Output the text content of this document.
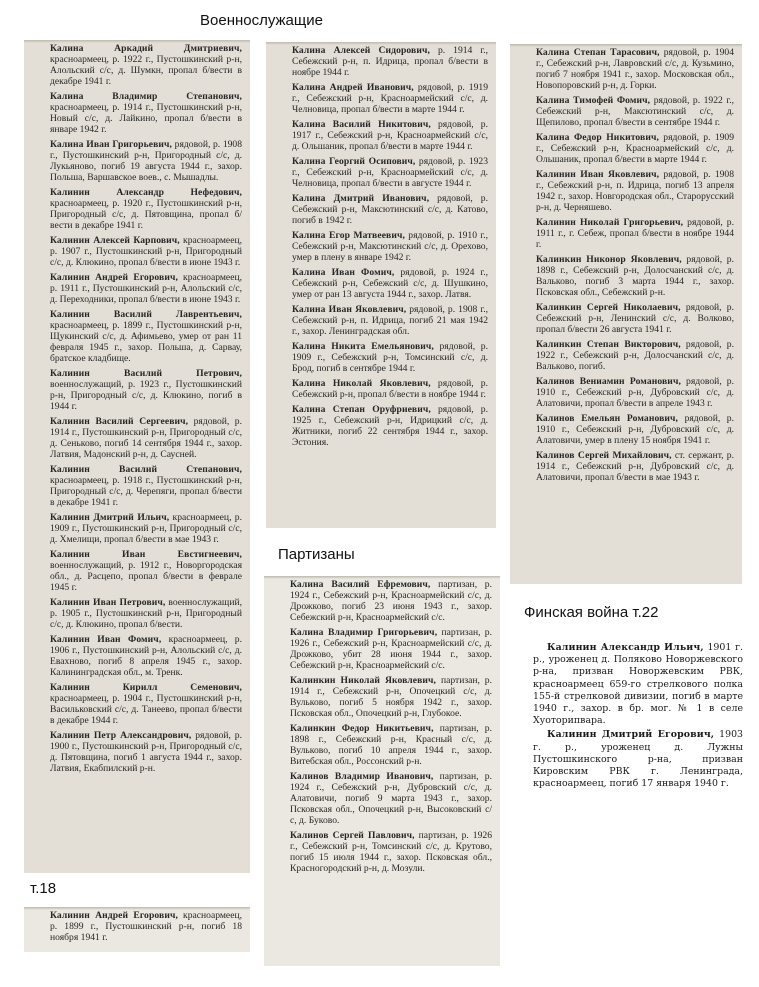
Военнослужащие
Партизаны
Финская война т.22
т.18

Калина Аркадий Дмитриевич, красноармеец, р. 1922 г., Пустошкинский р-н, Алольский с/с, д. Шумкн, пропал б/вести в декабре 1941 г.

Калина Владимир Степанович, красноармеец, р. 1914 г., Пустошкинский р-н, Новый с/с, д. Лайкино, пропал б/вести в январе 1942 г.

Калина Иван Григорьевич, рядовой, р. 1908 г., Пустошкинский р-н, Пригородный с/с, д. Лукьяново, погиб 19 августа 1944 г., захор. Польша, Варшавское воев., с. Мышадлы.

Калинин Александр Нефедович, красноармеец, р. 1920 г., Пустошкинский р-н, Пригородный с/с, д. Пятовщина, пропал б/вести в декабре 1941 г.

Калинин Алексей Карпович, красноармеец, р. 1907 г., Пустошкинский р-н, Пригородный с/с, д. Клюкино, пропал б/вести в июне 1943 г.

Калинин Андрей Егорович, красноармеец, р. 1911 г., Пустошкинский р-н, Алольский с/с, д. Переходники, пропал б/вести в июне 1943 г.

Калинин Василий Лаврентьевич, красноармеец, р. 1899 г., Пустошкинский р-н, Щукинский с/с, д. Афимьево, умер от ран 11 февраля 1945 г., захор. Польша, д. Сарвау, братское кладбище.

Калинин Василий Петрович, военнослужащий, р. 1923 г., Пустошкинский р-н, Пригородный с/с, д. Клюкино, погиб в 1944 г.

Калинин Василий Сергеевич, рядовой, р. 1914 г., Пустошкинский р-н, Пригородный с/с, д. Сеньково, погиб 14 сентября 1944 г., захор. Латвия, Мадонский р-н, д. Саусней.

Калинин Василий Степанович, красноармеец, р. 1918 г., Пустошкинский р-н, Пригородный с/с, д. Черепяги, пропал б/вести в декабре 1941 г.

Калинин Дмитрий Ильич, красноармеец, р. 1909 г., Пустошкинский р-н, Пригородный с/с, д. Хмелищи, пропал б/вести в мае 1943 г.

Калинин Иван Евстигнеевич, военнослужащий, р. 1912 г., Новоргородская обл., д. Расцепо, пропал б/вести в феврале 1945 г.

Калинин Иван Петрович, военнослужащий, р. 1905 г., Пустошкинский р-н, Пригородный с/с, д. Клюкино, пропал б/вести.

Калинин Иван Фомич, красноармеец, р. 1906 г., Пустошкинский р-н, Алольский с/с, д. Евахново, погиб 8 апреля 1945 г., захор. Калининградская обл., м. Тренк.

Калинин Кирилл Семенович, красноармеец, р. 1904 г., Пустошкинский р-н, Васильковский с/с, д. Танеево, пропал б/вести в декабре 1944 г.

Калинин Петр Александрович, рядовой, р. 1900 г., Пустошкинский р-н, Пригородный с/с, д. Пятовщина, погиб 1 августа 1944 г., захор. Латвия, Екабпилский р-н.

Калинин Андрей Егорович, красноармеец, р. 1899 г., Пустошкинский р-н, погиб 18 ноября 1941 г.

Калина Алексей Сидорович, р. 1914 г., Себежский р-н, п. Идрица, пропал б/вести в ноябре 1944 г.

Калина Андрей Иванович, рядовой, р. 1919 г., Себежский р-н, Красноармейский с/с, д. Челновица, пропал б/вести в марте 1944 г.

Калина Василий Никитович, рядовой, р. 1917 г., Себежский р-н, Красноармейский с/с, д. Ольшаник, пропал б/вести в марте 1944 г.

Калина Георгий Осипович, рядовой, р. 1923 г., Себежский р-н, Красноармейский с/с, д. Челновица, пропал б/вести в августе 1944 г.

Калина Дмитрий Иванович, рядовой, р. Себежский р-н, Максютинский с/с, д. Катово, погиб в 1942 г.

Калина Егор Матвеевич, рядовой, р. 1910 г., Себежский р-н, Максютинский с/с, д. Орехово, умер в плену в январе 1942 г.

Калина Иван Фомич, рядовой, р. 1924 г., Себежский р-н, Себежский с/с, д. Шушкино, умер от ран 13 августа 1944 г., захор. Латвя.

Калина Иван Яковлевич, рядовой, р. 1908 г., Себежский р-н, п. Идрица, погиб 21 мая 1942 г., захор. Ленинградская обл.

Калина Никита Емельянович, рядовой, р. 1909 г., Себежский р-н, Томсинский с/с, д. Брод, погиб в сентябре 1944 г.

Калина Николай Яковлевич, рядовой, р. Себежский р-н, пропал б/вести в ноябре 1944 г.

Калина Степан Оруфриевич, рядовой, р. 1925 г., Себежский р-н, Идрицкий с/с, д. Житники, погиб 22 сентября 1944 г., захор. Эстония.

Калина Василий Ефремович, партизан, р. 1924 г., Себежский р-н, Красноармейский с/с, д. Дрожково, погиб 23 июня 1943 г., захор. Себежский р-н, Красноармейский с/с.

Калина Владимир Григорьевич, партизан, р. 1926 г., Себежский р-н, Красноармейский с/с, д. Дрожково, убит 28 июня 1944 г., захор. Себежский р-н, Красноармейский с/с.

Калинкин Николай Яковлевич, партизан, р. 1914 г., Себежский р-н, Опочецкий с/с, д. Вульково, погиб 5 ноября 1942 г., захор. Псковская обл., Опочецкий р-н, Глубокое.

Калинкин Федор Никитьевич, партизан, р. 1898 г., Себежский р-н, Красный с/с, д. Вульково, погиб 10 апреля 1944 г., захор. Витебская обл., Россонский р-н.

Калинов Владимир Иванович, партизан, р. 1924 г., Себежский р-н, Дубровский с/с, д. Алатовичи, погиб 9 марта 1943 г., захор. Псковская обл., Опочецкий р-н, Высоковский с/с, д. Буково.

Калинов Сергей Павлович, партизан, р. 1926 г., Себежский р-н, Томсинский с/с, д. Крутово, погиб 15 июля 1944 г., захор. Псковская обл., Красногородский р-н, д. Мозули.

Калина Степан Тарасович, рядовой, р. 1904 г., Себежский р-н, Лавровский с/с, д. Кузьмино, погиб 7 ноября 1941 г., захор. Московская обл., Новопоровский р-н, д. Горки.

Калина Тимофей Фомич, рядовой, р. 1922 г., Себежский р-н, Максютинский с/с, д. Щепилово, пропал б/вести в сентябре 1944 г.

Калина Федор Никитович, рядовой, р. 1909 г., Себежский р-н, Красноармейский с/с, д. Ольшаник, пропал б/вести в марте 1944 г.

Калинин Иван Яковлевич, рядовой, р. 1908 г., Себежский р-н, п. Идрица, погиб 13 апреля 1942 г., захор. Новгородская обл., Старорусский р-н, д. Черняшево.

Калинин Николай Григорьевич, рядовой, р. 1911 г., г. Себеж, пропал б/вести в ноябре 1944 г.

Калинкин Никонор Яковлевич, рядовой, р. 1898 г., Себежский р-н, Долосчанский с/с, д. Вальково, погиб 3 марта 1944 г., захор. Псковская обл., Себежский р-н.

Калинкин Сергей Николаевич, рядовой, р. Себежский р-н, Ленинский с/с, д. Волково, пропал б/вести 26 августа 1941 г.

Калинкин Степан Викторович, рядовой, р. 1922 г., Себежский р-н, Долосчанский с/с, д. Вальково, погиб.

Калинов Вениамин Романович, рядовой, р. 1910 г., Себежский р-н, Дубровский с/с, д. Алатовичи, пропал б/вести в апреле 1943 г.

Калинов Емельян Романович, рядовой, р. 1910 г., Себежский р-н, Дубровский с/с, д. Алатовичи, умер в плену 15 ноября 1941 г.

Калинов Сергей Михайлович, ст. сержант, р. 1914 г., Себежский р-н, Дубровский с/с, д. Алатовичи, пропал б/вести в мае 1943 г.

Калинин Александр Ильич, 1901 г. р., уроженец д. Поляково Новоржевского р-на, призван Новоржевским РВК, красноармеец 659-го стрелкового полка 155-й стрелковой дивизии, погиб в марте 1940 г., захор. в бр. мог. № 1 в селе Хуоторипвара.

Калинин Дмитрий Егорович, 1903 г. р., уроженец д. Лужны Пустошкинского р-на, призван Кировским РВК г. Ленинграда, красноармеец, погиб 17 января 1940 г.
